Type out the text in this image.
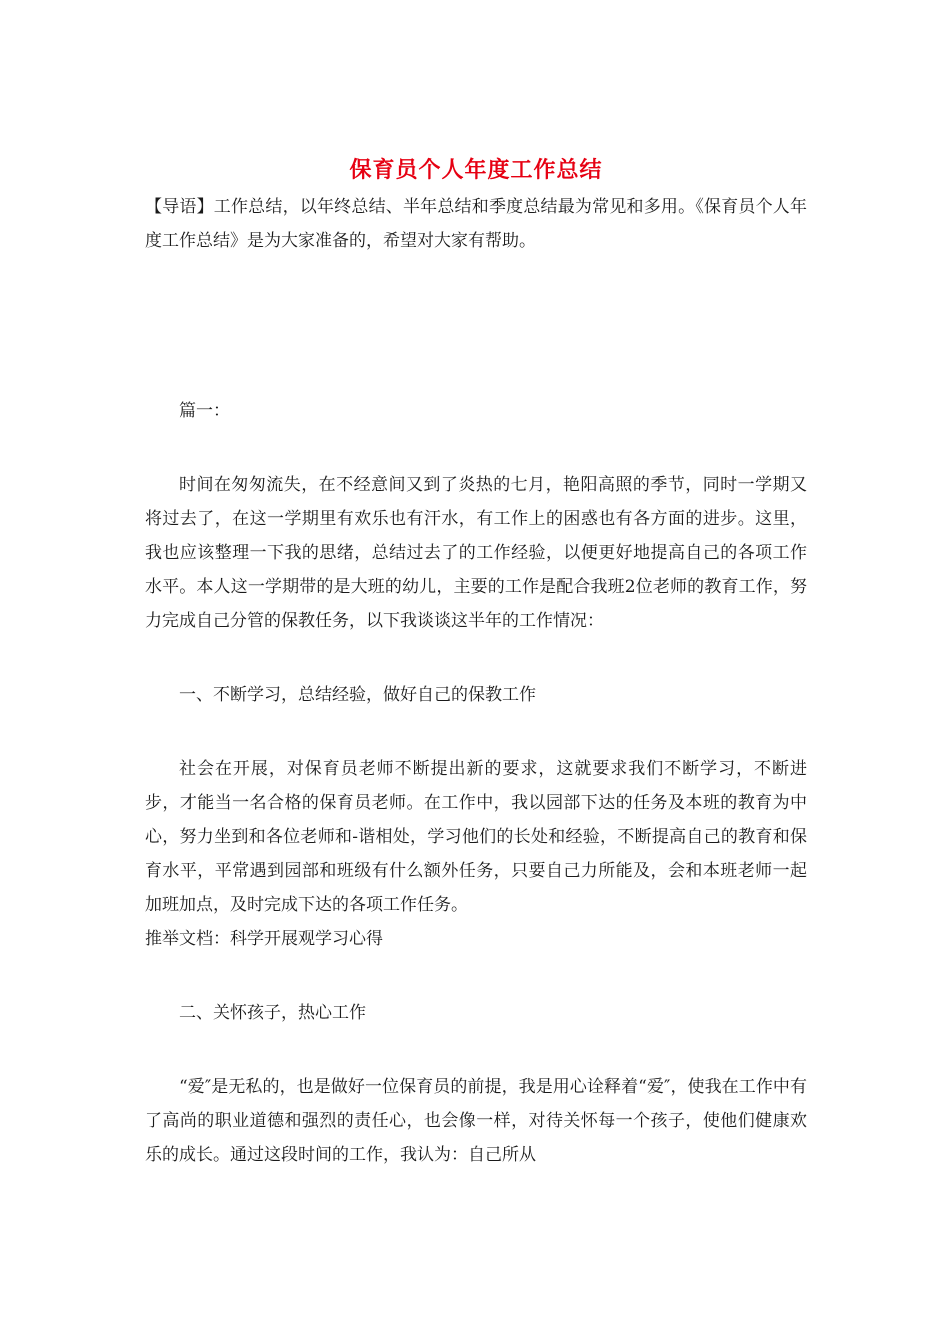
保育员个人年度工作总结

【导语】工作总结，以年终总结、半年总结和季度总结最为常见和多用。《保育员个人年度工作总结》是为大家准备的，希望对大家有帮助。

篇一：

时间在匆匆流失，在不经意间又到了炎热的七月，艳阳高照的季节，同时一学期又将过去了，在这一学期里有欢乐也有汗水，有工作上的困惑也有各方面的进步。这里，我也应该整理一下我的思绪，总结过去了的工作经验，以便更好地提高自己的各项工作水平。本人这一学期带的是大班的幼儿，主要的工作是配合我班2位老师的教育工作，努力完成自己分管的保教任务，以下我谈谈这半年的工作情况：

一、不断学习，总结经验，做好自己的保教工作

社会在开展，对保育员老师不断提出新的要求，这就要求我们不断学习，不断进步，才能当一名合格的保育员老师。在工作中，我以园部下达的任务及本班的教育为中心，努力坐到和各位老师和-谐相处，学习他们的长处和经验，不断提高自己的教育和保育水平，平常遇到园部和班级有什么额外任务，只要自己力所能及，会和本班老师一起加班加点，及时完成下达的各项工作任务。

推举文档：科学开展观学习心得

二、关怀孩子，热心工作

“爱″是无私的，也是做好一位保育员的前提，我是用心诠释着“爱″，使我在工作中有了高尚的职业道德和强烈的责任心，也会像一样，对待关怀每一个孩子，使他们健康欢乐的成长。通过这段时间的工作，我认为：自己所从
